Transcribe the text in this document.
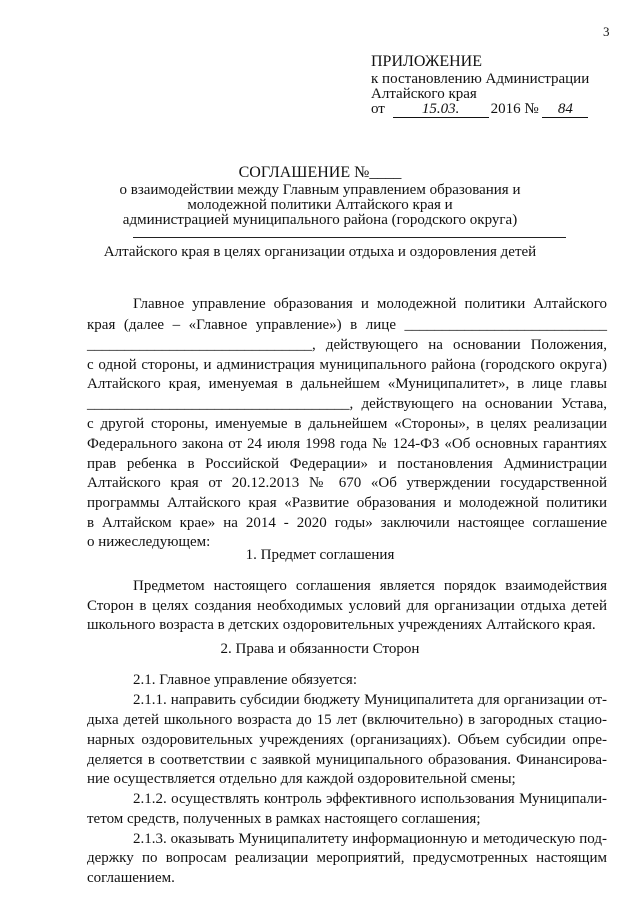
3
ПРИЛОЖЕНИЕ
к постановлению Администрации
Алтайского края
от 15.03. 2016 № 84
СОГЛАШЕНИЕ №____
о взаимодействии между Главным управлением образования и
молодежной политики Алтайского края и
администрацией муниципального района (городского округа)
Алтайского края в целях организации отдыха и оздоровления детей
Главное управление образования и молодежной политики Алтайского
края (далее – «Главное управление») в лице ___________________________
______________________________, действующего на основании Положения,
с одной стороны, и администрация муниципального района (городского округа)
Алтайского края, именуемая в дальнейшем «Муниципалитет», в лице главы
___________________________________, действующего на основании Устава,
с другой стороны, именуемые в дальнейшем «Стороны», в целях реализации
Федерального закона от 24 июля 1998 года № 124-ФЗ «Об основных гарантиях
прав ребенка в Российской Федерации» и постановления Администрации
Алтайского края от 20.12.2013 № 670 «Об утверждении государственной
программы Алтайского края «Развитие образования и молодежной политики
в Алтайском крае» на 2014 - 2020 годы» заключили настоящее соглашение
о нижеследующем:
1. Предмет соглашения
Предметом настоящего соглашения является порядок взаимодействия
Сторон в целях создания необходимых условий для организации отдыха детей
школьного возраста в детских оздоровительных учреждениях Алтайского края.
2. Права и обязанности Сторон
2.1. Главное управление обязуется:
2.1.1. направить субсидии бюджету Муниципалитета для организации от-
дыха детей школьного возраста до 15 лет (включительно) в загородных стацио-
нарных оздоровительных учреждениях (организациях). Объем субсидии опре-
деляется в соответствии с заявкой муниципального образования. Финансирова-
ние осуществляется отдельно для каждой оздоровительной смены;
2.1.2. осуществлять контроль эффективного использования Муниципали-
тетом средств, полученных в рамках настоящего соглашения;
2.1.3. оказывать Муниципалитету информационную и методическую под-
держку по вопросам реализации мероприятий, предусмотренных настоящим
соглашением.
